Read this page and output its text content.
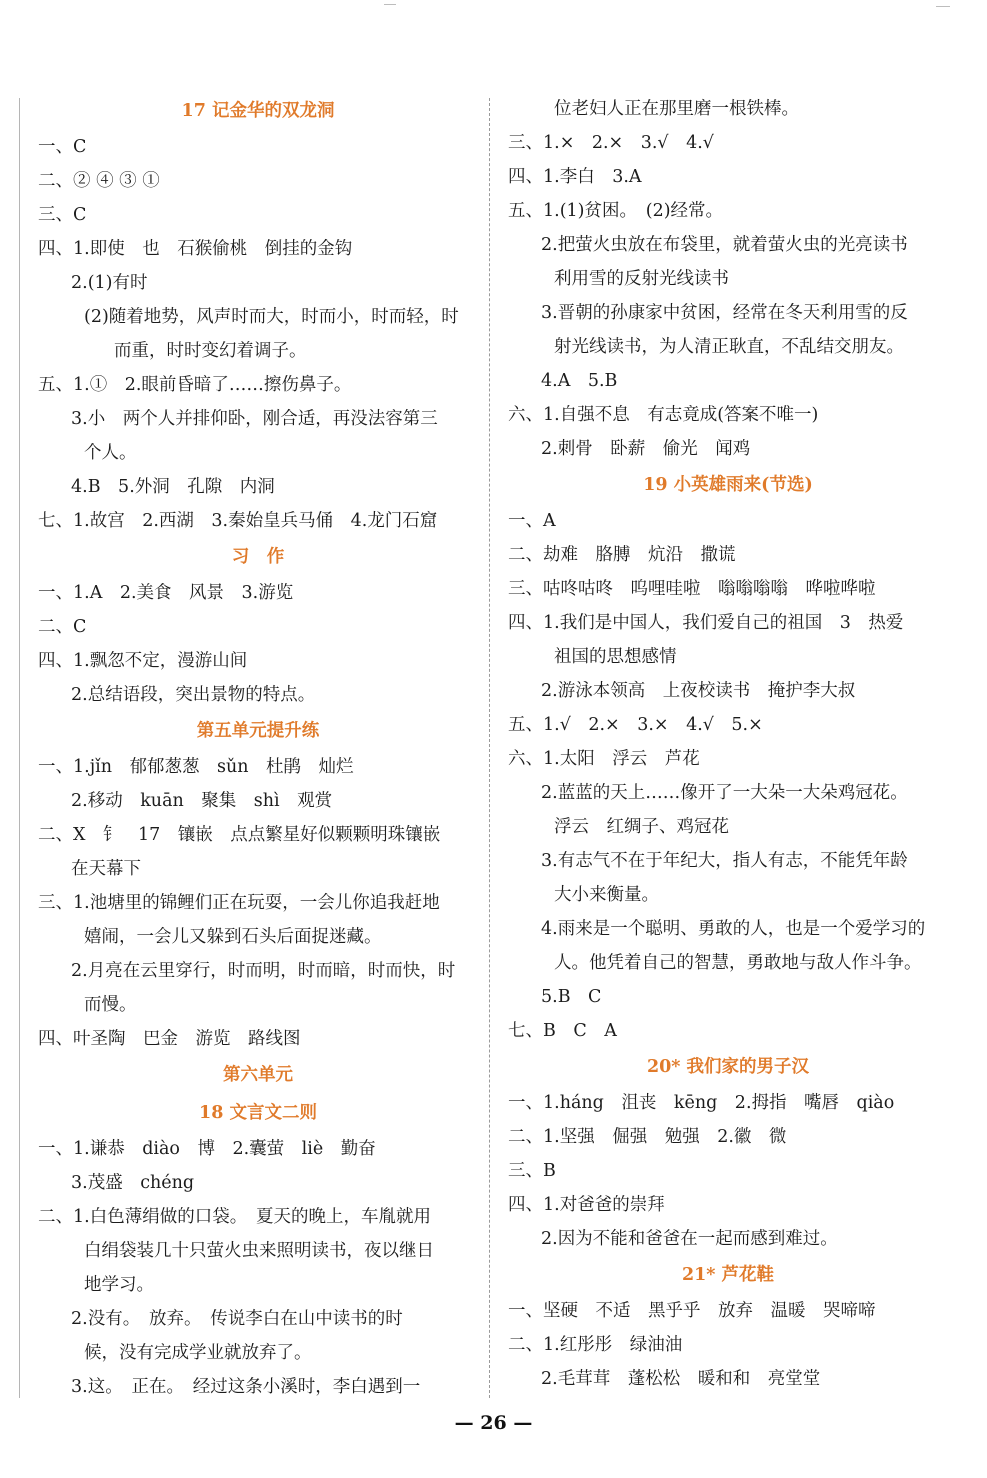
17 记金华的双龙洞
一、C
二、② ④ ③ ①
三、C
四、1.即使　也　石猴偷桃　倒挂的金钩
2.(1)有时
(2)随着地势，风声时而大，时而小，时而轻，时
而重，时时变幻着调子。
五、1.①　2.眼前昏暗了……擦伤鼻子。
3.小　两个人并排仰卧，刚合适，再没法容第三
个人。
4.B　5.外洞　孔隙　内洞
七、1.故宫　2.西湖　3.秦始皇兵马俑　4.龙门石窟
习　作
一、1.A　2.美食　风景　3.游览
二、C
四、1.飘忽不定，漫游山间
2.总结语段，突出景物的特点。
第五单元提升练
一、1.jǐn　郁郁葱葱　sǔn　杜鹃　灿烂
2.移动　kuān　聚集　shì　观赏
二、X　钅　17　镶嵌　点点繁星好似颗颗明珠镶嵌
在天幕下
三、1.池塘里的锦鲤们正在玩耍，一会儿你追我赶地
嬉闹，一会儿又躲到石头后面捉迷藏。
2.月亮在云里穿行，时而明，时而暗，时而快，时
而慢。
四、叶圣陶　巴金　游览　路线图
第六单元
18 文言文二则
一、1.谦恭　diào　博　2.囊萤　liè　勤奋
3.茂盛　chéng
二、1.白色薄绢做的口袋。　夏天的晚上，车胤就用
白绢袋装几十只萤火虫来照明读书，夜以继日
地学习。
2.没有。　放弃。　传说李白在山中读书的时
候，没有完成学业就放弃了。
3.这。　正在。　经过这条小溪时，李白遇到一
位老妇人正在那里磨一根铁棒。
三、1.×　2.×　3.√　4.√
四、1.李白　3.A
五、1.(1)贫困。　(2)经常。
2.把萤火虫放在布袋里，就着萤火虫的光亮读书
利用雪的反射光线读书
3.晋朝的孙康家中贫困，经常在冬天利用雪的反
射光线读书，为人清正耿直，不乱结交朋友。
4.A　5.B
六、1.自强不息　有志竟成(答案不唯一)
2.刺骨　卧薪　偷光　闻鸡
19 小英雄雨来(节选)
一、A
二、劫难　胳膊　炕沿　撒谎
三、咕咚咕咚　呜哩哇啦　嗡嗡嗡嗡　哗啦哗啦
四、1.我们是中国人，我们爱自己的祖国　3　热爱
祖国的思想感情
2.游泳本领高　上夜校读书　掩护李大叔
五、1.√　2.×　3.×　4.√　5.×
六、1.太阳　浮云　芦花
2.蓝蓝的天上……像开了一大朵一大朵鸡冠花。
浮云　红绸子、鸡冠花
3.有志气不在于年纪大，指人有志，不能凭年龄
大小来衡量。
4.雨来是一个聪明、勇敢的人，也是一个爱学习的
人。他凭着自己的智慧，勇敢地与敌人作斗争。
5.B　C
七、B　C　A
20* 我们家的男子汉
一、1.háng　沮丧　kēng　2.拇指　嘴唇　qiào
二、1.坚强　倔强　勉强　2.徽　微
三、B
四、1.对爸爸的崇拜
2.因为不能和爸爸在一起而感到难过。
21* 芦花鞋
一、坚硬　不适　黑乎乎　放弃　温暖　哭啼啼
二、1.红彤彤　绿油油
2.毛茸茸　蓬松松　暖和和　亮堂堂
— 26 —
